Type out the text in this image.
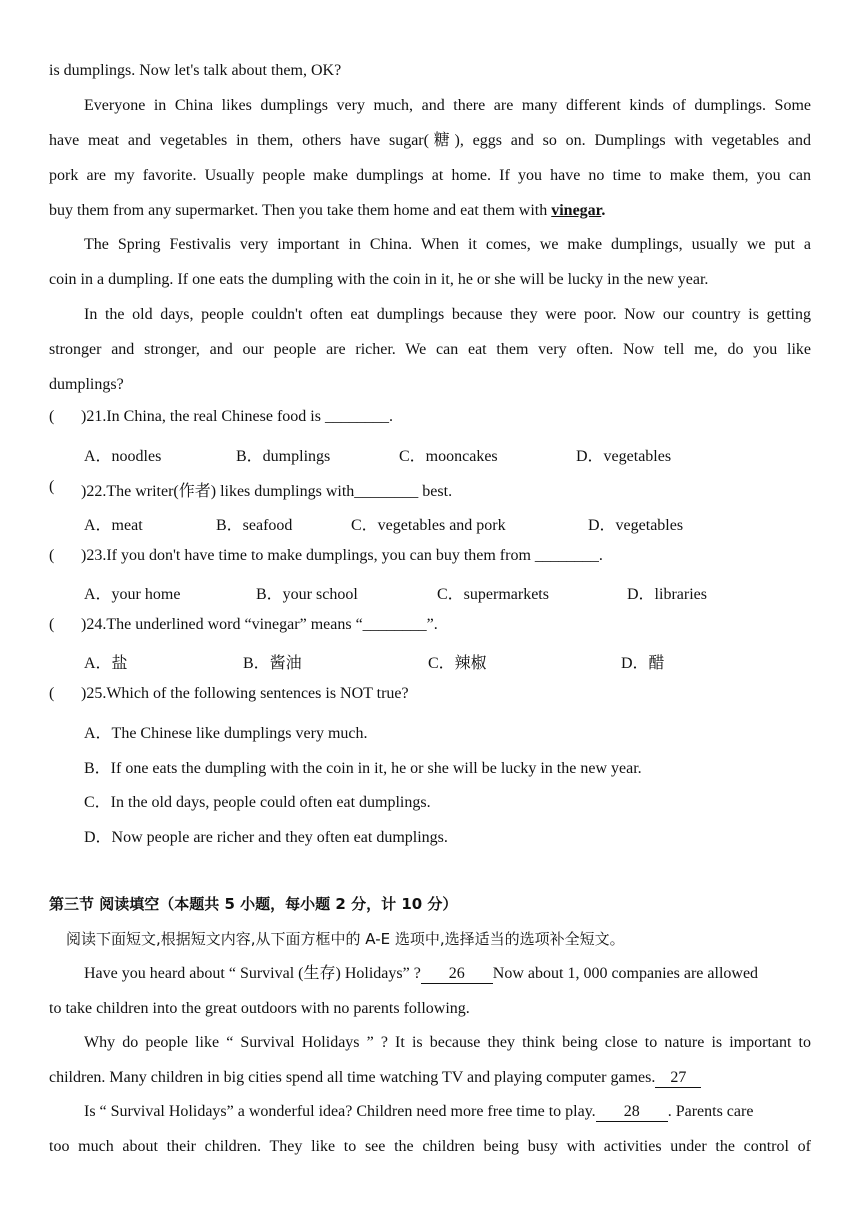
is dumplings. Now let's talk about them, OK?
Everyone in China likes dumplings very much, and there are many different kinds of dumplings. Some
have meat and vegetables in them, others have sugar(糖), eggs and so on. Dumplings with vegetables and
pork are my favorite. Usually people make dumplings at home. If you have no time to make them, you can
buy them from any supermarket. Then you take them home and eat them with vinegar.
The Spring Festivalis very important in China. When it comes, we make dumplings, usually we put a
coin in a dumpling. If one eats the dumpling with the coin in it, he or she will be lucky in the new year.
In the old days, people couldn't often eat dumplings because they were poor. Now our country is getting
stronger and stronger, and our people are richer. We can eat them very often. Now tell me, do you like
dumplings?
( )21.In China, the real Chinese food is ________.
A．noodles	B．dumplings	C．mooncakes	D．vegetables
( )22.The writer(作者) likes dumplings with________ best.
A．meat	B．seafood	C．vegetables and pork	D．vegetables
( )23.If you don't have time to make dumplings, you can buy them from ________.
A．your home	B．your school	C．supermarkets	D．libraries
( )24.The underlined word “vinegar” means “________”.
A．盐	B．酱油	C．辣椒	D．醋
( )25.Which of the following sentences is NOT true?
A．The Chinese like dumplings very much.
B．If one eats the dumpling with the coin in it, he or she will be lucky in the new year.
C．In the old days, people could often eat dumplings.
D．Now people are richer and they often eat dumplings.
第三节 阅读填空（本题共 5 小题，每小题 2 分，计 10 分）
阅读下面短文,根据短文内容,从下面方框中的 A-E 选项中,选择适当的选项补全短文。
Have you heard about “ Survival (生存) Holidays” ? 26 Now about 1, 000 companies are allowed
to take children into the great outdoors with no parents following.
Why do people like “ Survival Holidays ” ? It is because they think being close to nature is important to
children. Many children in big cities spend all time watching TV and playing computer games. 27
Is “ Survival Holidays” a wonderful idea? Children need more free time to play. 28 . Parents care
too much about their children. They like to see the children being busy with activities under the control of
